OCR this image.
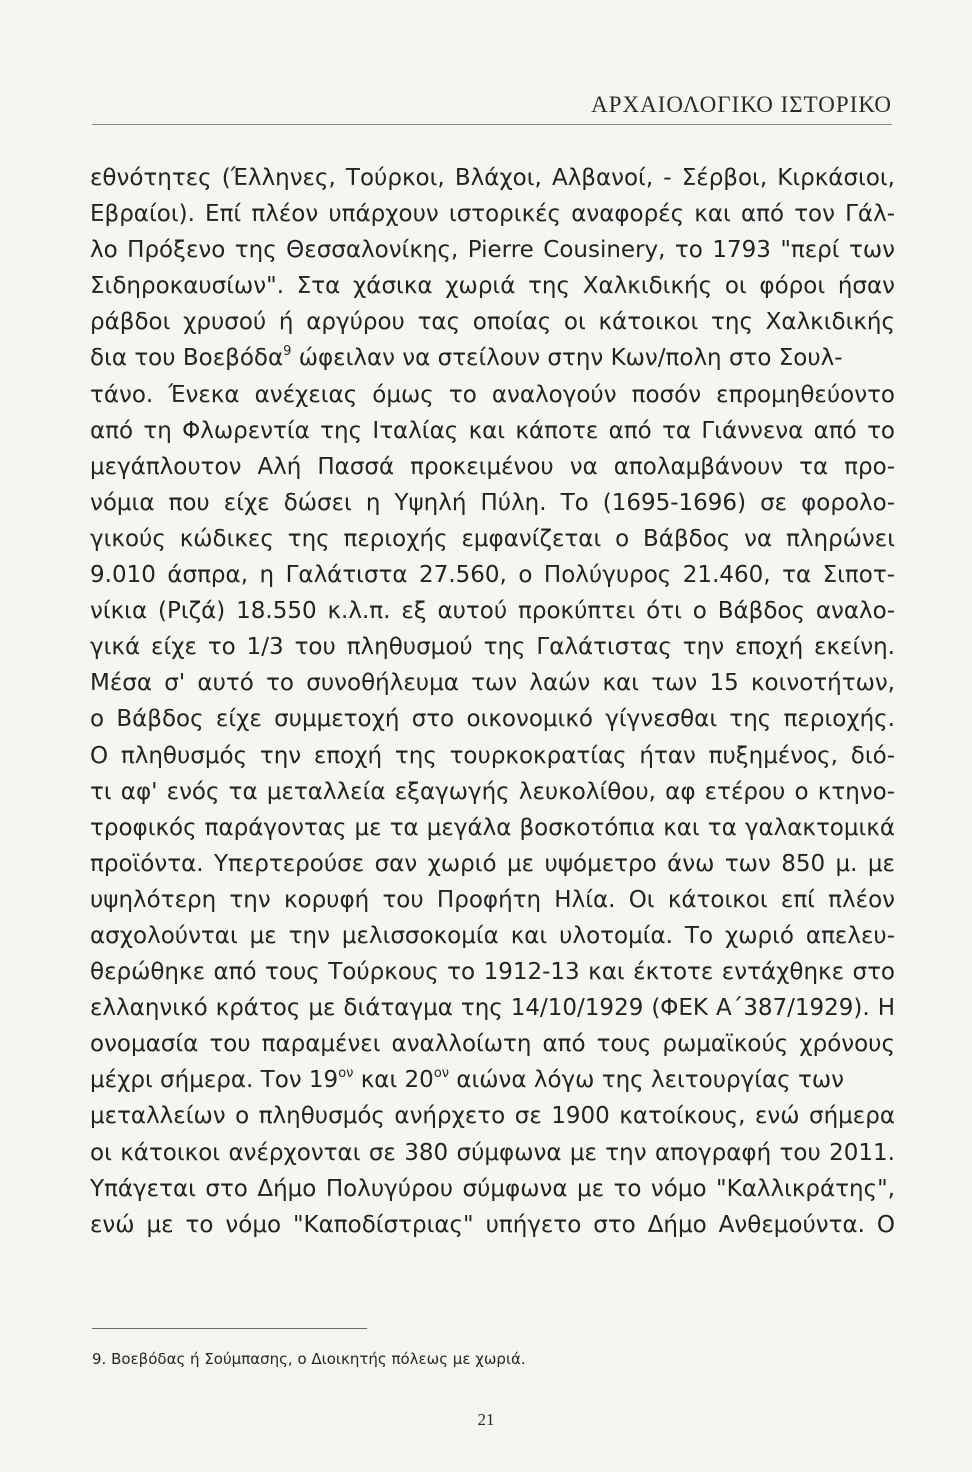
ΑΡΧΑΙΟΛΟΓΙΚΟ ΙΣΤΟΡΙΚΟ
εθνότητες (Έλληνες, Τούρκοι, Βλάχοι, Αλβανοί, - Σέρβοι, Κιρκάσιοι,
Εβραίοι). Επί πλέον υπάρχουν ιστορικές αναφορές και από τον Γάλ-
λο Πρόξενο της Θεσσαλονίκης, Pierre Cousinery, το 1793 "περί των
Σιδηροκαυσίων". Στα χάσικα χωριά της Χαλκιδικής οι φόροι ήσαν
ράβδοι χρυσού ή αργύρου τας οποίας οι κάτοικοι της Χαλκιδικής
δια του Βοεβόδα$^9$ ώφειλαν να στείλουν στην Κων/πολη στο Σουλ-
τάνο. Ένεκα ανέχειας όμως το αναλογούν ποσόν επρομηθεύοντο
από τη Φλωρεντία της Ιταλίας και κάποτε από τα Γιάννενα από το
μεγάπλουτον Αλή Πασσά προκειμένου να απολαμβάνουν τα προ-
νόμια που είχε δώσει η Υψηλή Πύλη. Το (1695-1696) σε φορολο-
γικούς κώδικες της περιοχής εμφανίζεται ο Βάβδος να πληρώνει
9.010 άσπρα, η Γαλάτιστα 27.560, ο Πολύγυρος 21.460, τα Σιποτ-
νίκια (Ριζά) 18.550 κ.λ.π. εξ αυτού προκύπτει ότι ο Βάβδος αναλο-
γικά είχε το 1/3 του πληθυσμού της Γαλάτιστας την εποχή εκείνη.
Μέσα σ' αυτό το συνοθήλευμα των λαών και των 15 κοινοτήτων,
ο Βάβδος είχε συμμετοχή στο οικονομικό γίγνεσθαι της περιοχής.
Ο πληθυσμός την εποχή της τουρκοκρατίας ήταν πυξημένος, διό-
τι αφ' ενός τα μεταλλεία εξαγωγής λευκολίθου, αφ ετέρου ο κτηνο-
τροφικός παράγοντας με τα μεγάλα βοσκοτόπια και τα γαλακτομικά
προϊόντα. Υπερτερούσε σαν χωριό με υψόμετρο άνω των 850 μ. με
υψηλότερη την κορυφή του Προφήτη Ηλία. Οι κάτοικοι επί πλέον
ασχολούνται με την μελισσοκομία και υλοτομία. Το χωριό απελευ-
θερώθηκε από τους Τούρκους το 1912-13 και έκτοτε εντάχθηκε στο
ελλαηνικό κράτος με διάταγμα της 14/10/1929 (ΦΕΚ Α΄387/1929). Η
ονομασία του παραμένει αναλλοίωτη από τους ρωμαϊκούς χρόνους
μέχρι σήμερα. Τον $19^{o\nu}$ και $20^{o\nu}$ αιώνα λόγω της λειτουργίας των
μεταλλείων ο πληθυσμός ανήρχετο σε 1900 κατοίκους, ενώ σήμερα
οι κάτοικοι ανέρχονται σε 380 σύμφωνα με την απογραφή του 2011.
Υπάγεται στο Δήμο Πολυγύρου σύμφωνα με το νόμο "Καλλικράτης",
ενώ με το νόμο "Καποδίστριας" υπήγετο στο Δήμο Ανθεμούντα. Ο
9. Βοεβόδας ή Σούμπασης, ο Διοικητής πόλεως με χωριά.
21
